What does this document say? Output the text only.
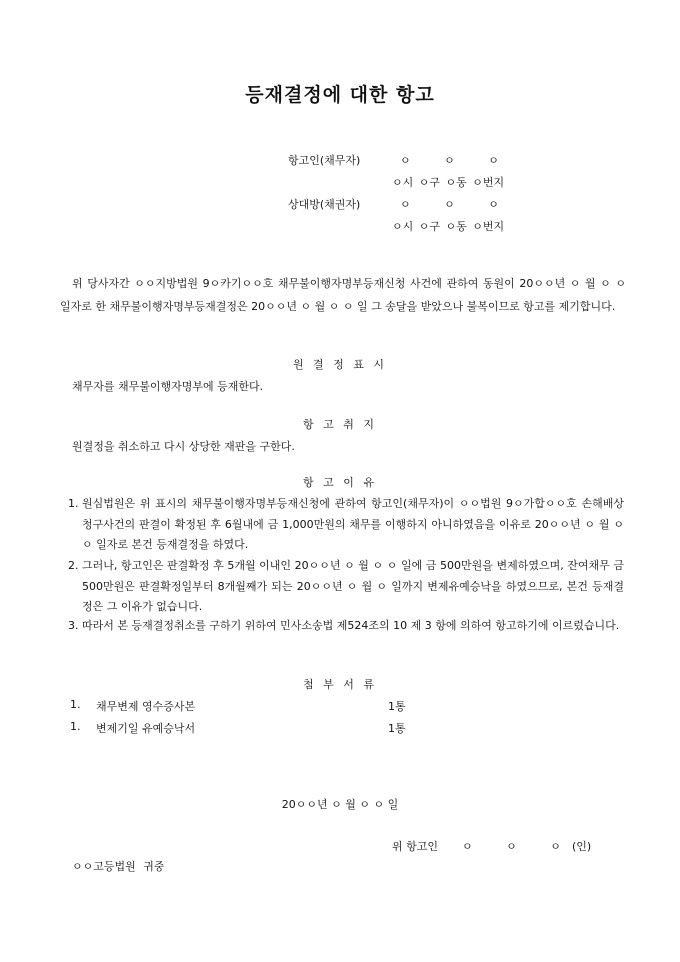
등재결정에 대한 항고
항고인(채무자)	ㅇ ㅇ ㅇ
ㅇ시 ㅇ구 ㅇ동 ㅇ번지
상대방(채권자)	ㅇ ㅇ ㅇ
ㅇ시 ㅇ구 ㅇ동 ㅇ번지
위 당사자간 ㅇㅇ지방법원 9ㅇ카기ㅇㅇ호 채무불이행자명부등재신청 사건에 관하여 동원이 20ㅇㅇ년 ㅇ 월 ㅇ ㅇ 일자로 한 채무불이행자명부등재결정은 20ㅇㅇ년 ㅇ 월 ㅇ ㅇ 일 그 송달을 받았으나 불복이므로 항고를 제기합니다.
원 결 정 표 시
채무자를 채무불이행자명부에 등재한다.
항 고 취 지
원결정을 취소하고 다시 상당한 재판을 구한다.
항 고 이 유
1. 원심법원은 위 표시의 채무불이행자명부등재신청에 관하여 항고인(채무자)이 ㅇㅇ법원 9ㅇ가합ㅇㅇ호 손해배상청구사건의 판결이 확정된 후 6월내에 금 1,000만원의 채무를 이행하지 아니하였음을 이유로 20ㅇㅇ년 ㅇ 월 ㅇ ㅇ 일자로 본건 등재결정을 하였다.
2. 그러나, 항고인은 판결확정 후 5개월 이내인 20ㅇㅇ년 ㅇ 월 ㅇ ㅇ 일에 금 500만원을 변제하였으며, 잔여채무 금 500만원은 판결확정일부터 8개월째가 되는 20ㅇㅇ년 ㅇ 월 ㅇ 일까지 변제유예승낙을 하였으므로, 본건 등재결정은 그 이유가 없습니다.
3. 따라서 본 등재결정취소를 구하기 위하여 민사소송법 제524조의 10 제 3 항에 의하여 항고하기에 이르렀습니다.
첨 부 서 류
1. 채무변제 영수증사본	1통
1. 변제기일 유예승낙서	1통
20ㅇㅇ년 ㅇ 월 ㅇ ㅇ 일
위 항고인 ㅇ ㅇ ㅇ (인)
ㅇㅇ고등법원 귀중
